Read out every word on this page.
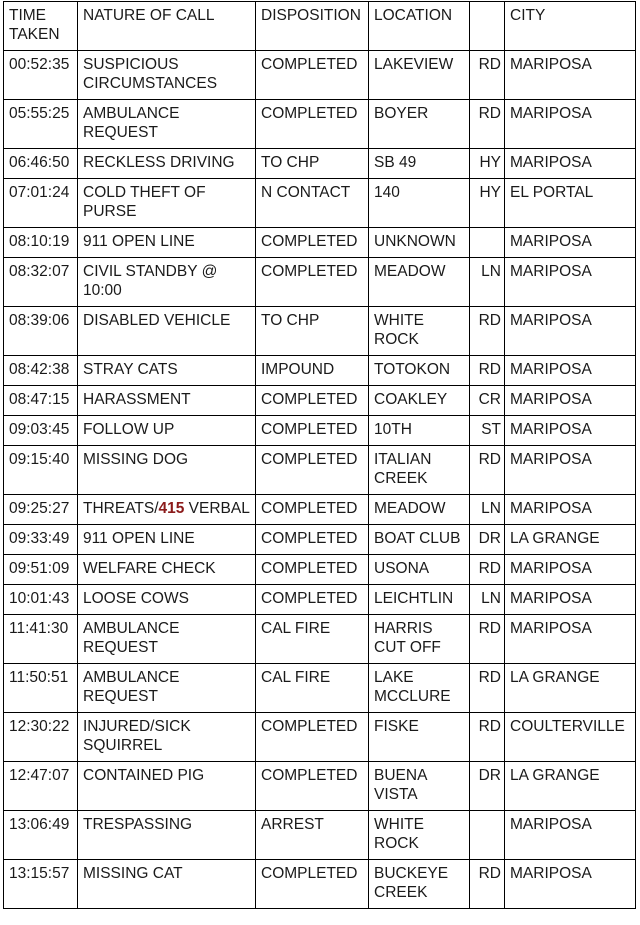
TIME
TAKEN	NATURE OF CALL	DISPOSITION	LOCATION		CITY
00:52:35	SUSPICIOUS CIRCUMSTANCES	COMPLETED	LAKEVIEW	RD	MARIPOSA
05:55:25	AMBULANCE REQUEST	COMPLETED	BOYER	RD	MARIPOSA
06:46:50	RECKLESS DRIVING	TO CHP	SB 49	HY	MARIPOSA
07:01:24	COLD THEFT OF PURSE	N CONTACT	140	HY	EL PORTAL
08:10:19	911 OPEN LINE	COMPLETED	UNKNOWN		MARIPOSA
08:32:07	CIVIL STANDBY @ 10:00	COMPLETED	MEADOW	LN	MARIPOSA
08:39:06	DISABLED VEHICLE	TO CHP	WHITE ROCK	RD	MARIPOSA
08:42:38	STRAY CATS	IMPOUND	TOTOKON	RD	MARIPOSA
08:47:15	HARASSMENT	COMPLETED	COAKLEY	CR	MARIPOSA
09:03:45	FOLLOW UP	COMPLETED	10TH	ST	MARIPOSA
09:15:40	MISSING DOG	COMPLETED	ITALIAN CREEK	RD	MARIPOSA
09:25:27	THREATS/415 VERBAL	COMPLETED	MEADOW	LN	MARIPOSA
09:33:49	911 OPEN LINE	COMPLETED	BOAT CLUB	DR	LA GRANGE
09:51:09	WELFARE CHECK	COMPLETED	USONA	RD	MARIPOSA
10:01:43	LOOSE COWS	COMPLETED	LEICHTLIN	LN	MARIPOSA
11:41:30	AMBULANCE REQUEST	CAL FIRE	HARRIS CUT OFF	RD	MARIPOSA
11:50:51	AMBULANCE REQUEST	CAL FIRE	LAKE MCCLURE	RD	LA GRANGE
12:30:22	INJURED/SICK SQUIRREL	COMPLETED	FISKE	RD	COULTERVILLE
12:47:07	CONTAINED PIG	COMPLETED	BUENA VISTA	DR	LA GRANGE
13:06:49	TRESPASSING	ARREST	WHITE ROCK		MARIPOSA
13:15:57	MISSING CAT	COMPLETED	BUCKEYE CREEK	RD	MARIPOSA
